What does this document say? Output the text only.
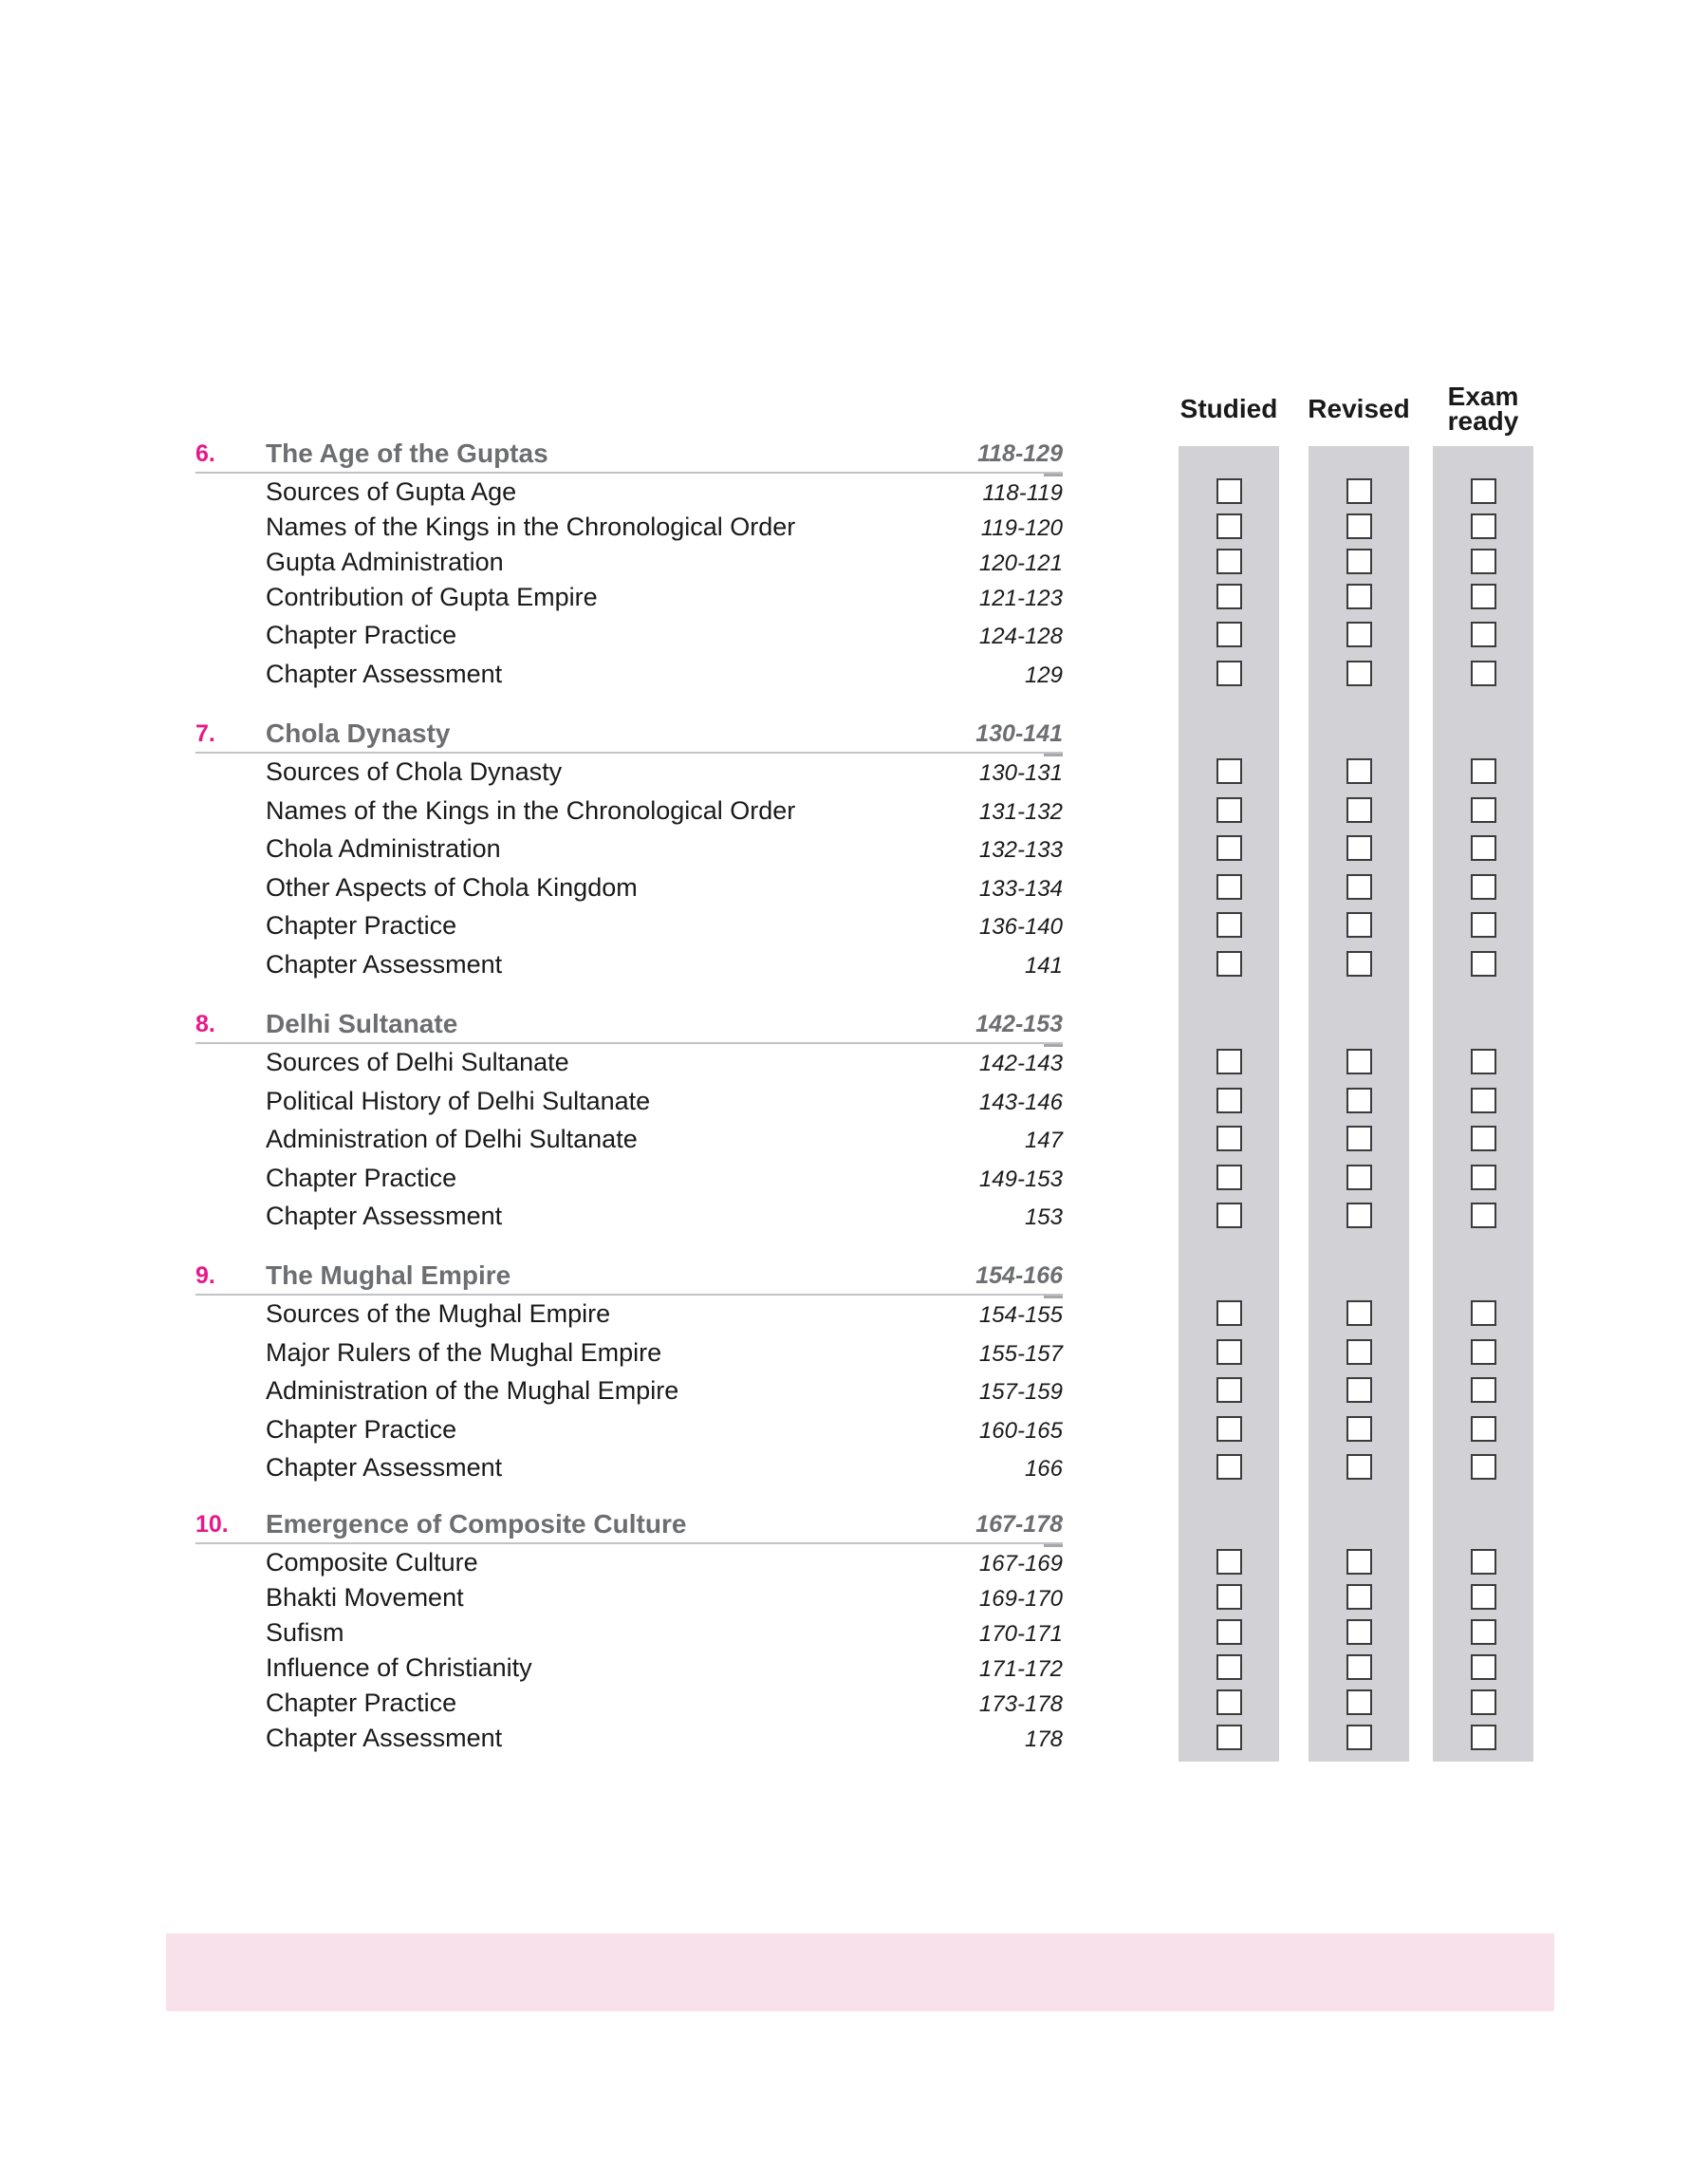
Studied	Revised	Exam
ready
6. The Age of the Guptas	118-129
Sources of Gupta Age	118-119
Names of the Kings in the Chronological Order	119-120
Gupta Administration	120-121
Contribution of Gupta Empire	121-123
Chapter Practice	124-128
Chapter Assessment	129
7. Chola Dynasty	130-141
Sources of Chola Dynasty	130-131
Names of the Kings in the Chronological Order	131-132
Chola Administration	132-133
Other Aspects of Chola Kingdom	133-134
Chapter Practice	136-140
Chapter Assessment	141
8. Delhi Sultanate	142-153
Sources of Delhi Sultanate	142-143
Political History of Delhi Sultanate	143-146
Administration of Delhi Sultanate	147
Chapter Practice	149-153
Chapter Assessment	153
9. The Mughal Empire	154-166
Sources of the Mughal Empire	154-155
Major Rulers of the Mughal Empire	155-157
Administration of the Mughal Empire	157-159
Chapter Practice	160-165
Chapter Assessment	166
10. Emergence of Composite Culture	167-178
Composite Culture	167-169
Bhakti Movement	169-170
Sufism	170-171
Influence of Christianity	171-172
Chapter Practice	173-178
Chapter Assessment	178
